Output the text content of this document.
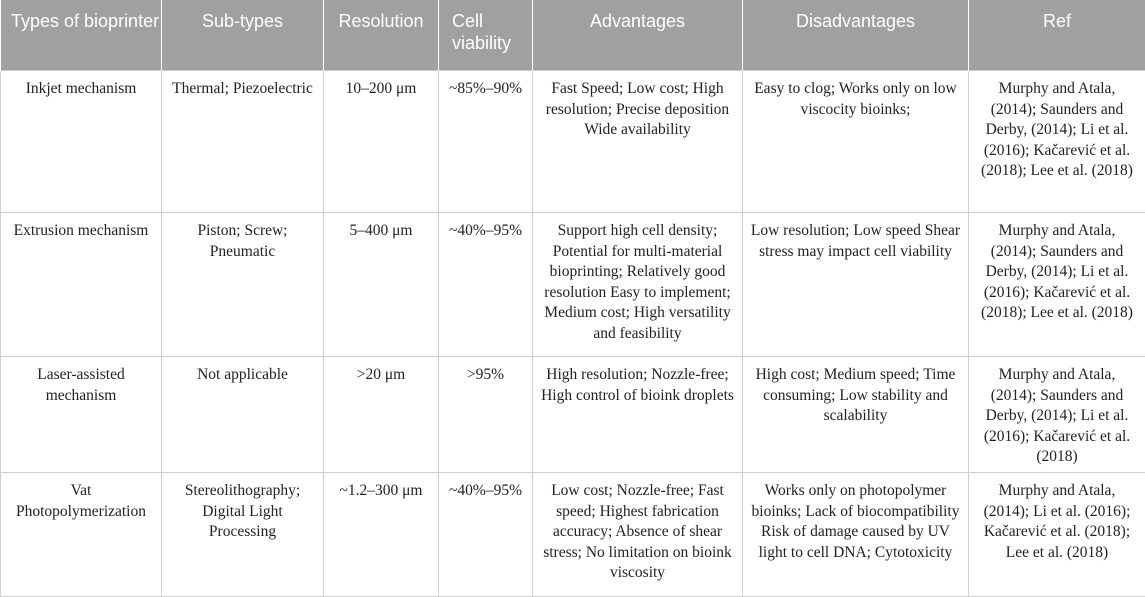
Types of bioprinter	Sub-types	Resolution	Cell viability	Advantages	Disadvantages	Ref

Inkjet mechanism	Thermal; Piezoelectric	10–200 μm	~85%–90%	Fast Speed; Low cost; High resolution; Precise deposition Wide availability	Easy to clog; Works only on low viscocity bioinks;	Murphy and Atala, (2014); Saunders and Derby, (2014); Li et al. (2016); Kačarević et al. (2018); Lee et al. (2018)
Extrusion mechanism	Piston; Screw; Pneumatic	5–400 μm	~40%–95%	Support high cell density; Potential for multi-material bioprinting; Relatively good resolution Easy to implement; Medium cost; High versatility and feasibility	Low resolution; Low speed Shear stress may impact cell viability	Murphy and Atala, (2014); Saunders and Derby, (2014); Li et al. (2016); Kačarević et al. (2018); Lee et al. (2018)
Laser-assisted mechanism	Not applicable	>20 μm	>95%	High resolution; Nozzle-free; High control of bioink droplets	High cost; Medium speed; Time consuming; Low stability and scalability	Murphy and Atala, (2014); Saunders and Derby, (2014); Li et al. (2016); Kačarević et al. (2018)
Vat Photopolymerization	Stereolithography; Digital Light Processing	~1.2–300 μm	~40%–95%	Low cost; Nozzle-free; Fast speed; Highest fabrication accuracy; Absence of shear stress; No limitation on bioink viscosity	Works only on photopolymer bioinks; Lack of biocompatibility Risk of damage caused by UV light to cell DNA; Cytotoxicity	Murphy and Atala, (2014); Li et al. (2016); Kačarević et al. (2018); Lee et al. (2018)
